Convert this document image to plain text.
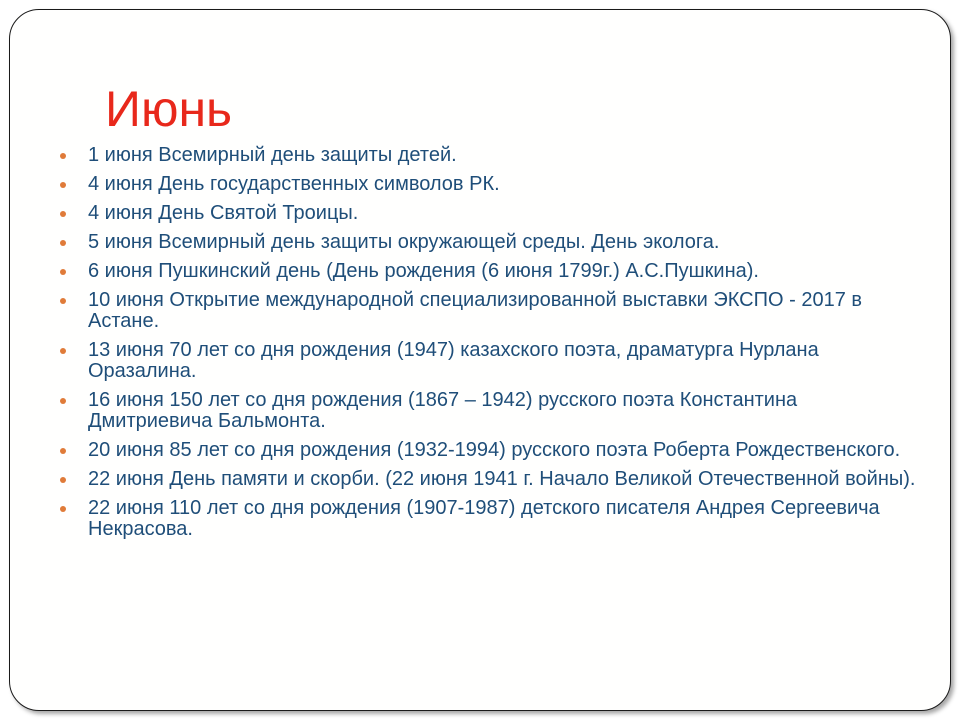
Июнь
1 июня Всемирный день защиты детей.
4 июня День государственных символов РК.
4 июня День Святой Троицы.
5 июня Всемирный день защиты окружающей среды. День эколога.
6 июня Пушкинский день (День рождения (6 июня 1799г.) А.С.Пушкина).
10 июня Открытие международной специализированной выставки ЭКСПО - 2017 в Астане.
13 июня 70 лет со дня рождения (1947) казахского поэта, драматурга Нурлана Оразалина.
16 июня 150 лет со дня рождения (1867 – 1942) русского поэта Константина Дмитриевича Бальмонта.
20 июня 85 лет со дня рождения (1932-1994) русского поэта Роберта Рождественского.
22 июня День памяти и скорби. (22 июня 1941 г. Начало Великой Отечественной войны).
22 июня 110 лет со дня рождения (1907-1987) детского писателя Андрея Сергеевича Некрасова.
